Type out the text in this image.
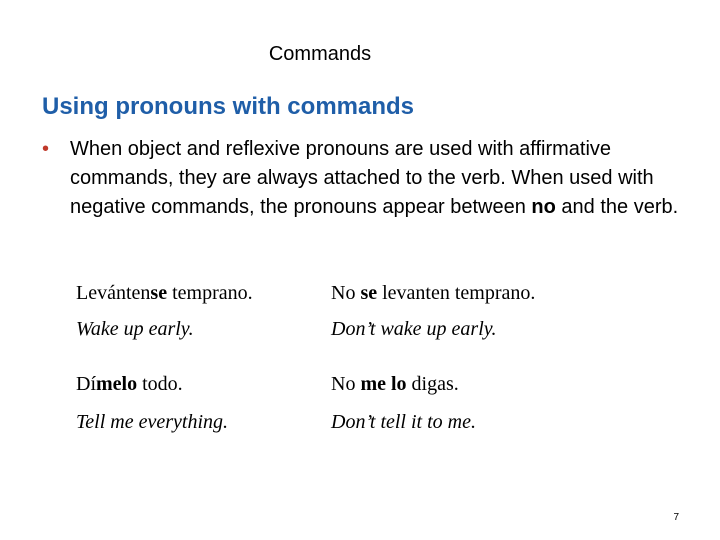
Commands
Using pronouns with commands
• When object and reflexive pronouns are used with affirmative commands, they are always attached to the verb. When used with negative commands, the pronouns appear between no and the verb.
Levántense temprano.	No se levanten temprano.
Wake up early.	Don’t wake up early.
Dímelo todo.	No me lo digas.
Tell me everything.	Don’t tell it to me.
7
